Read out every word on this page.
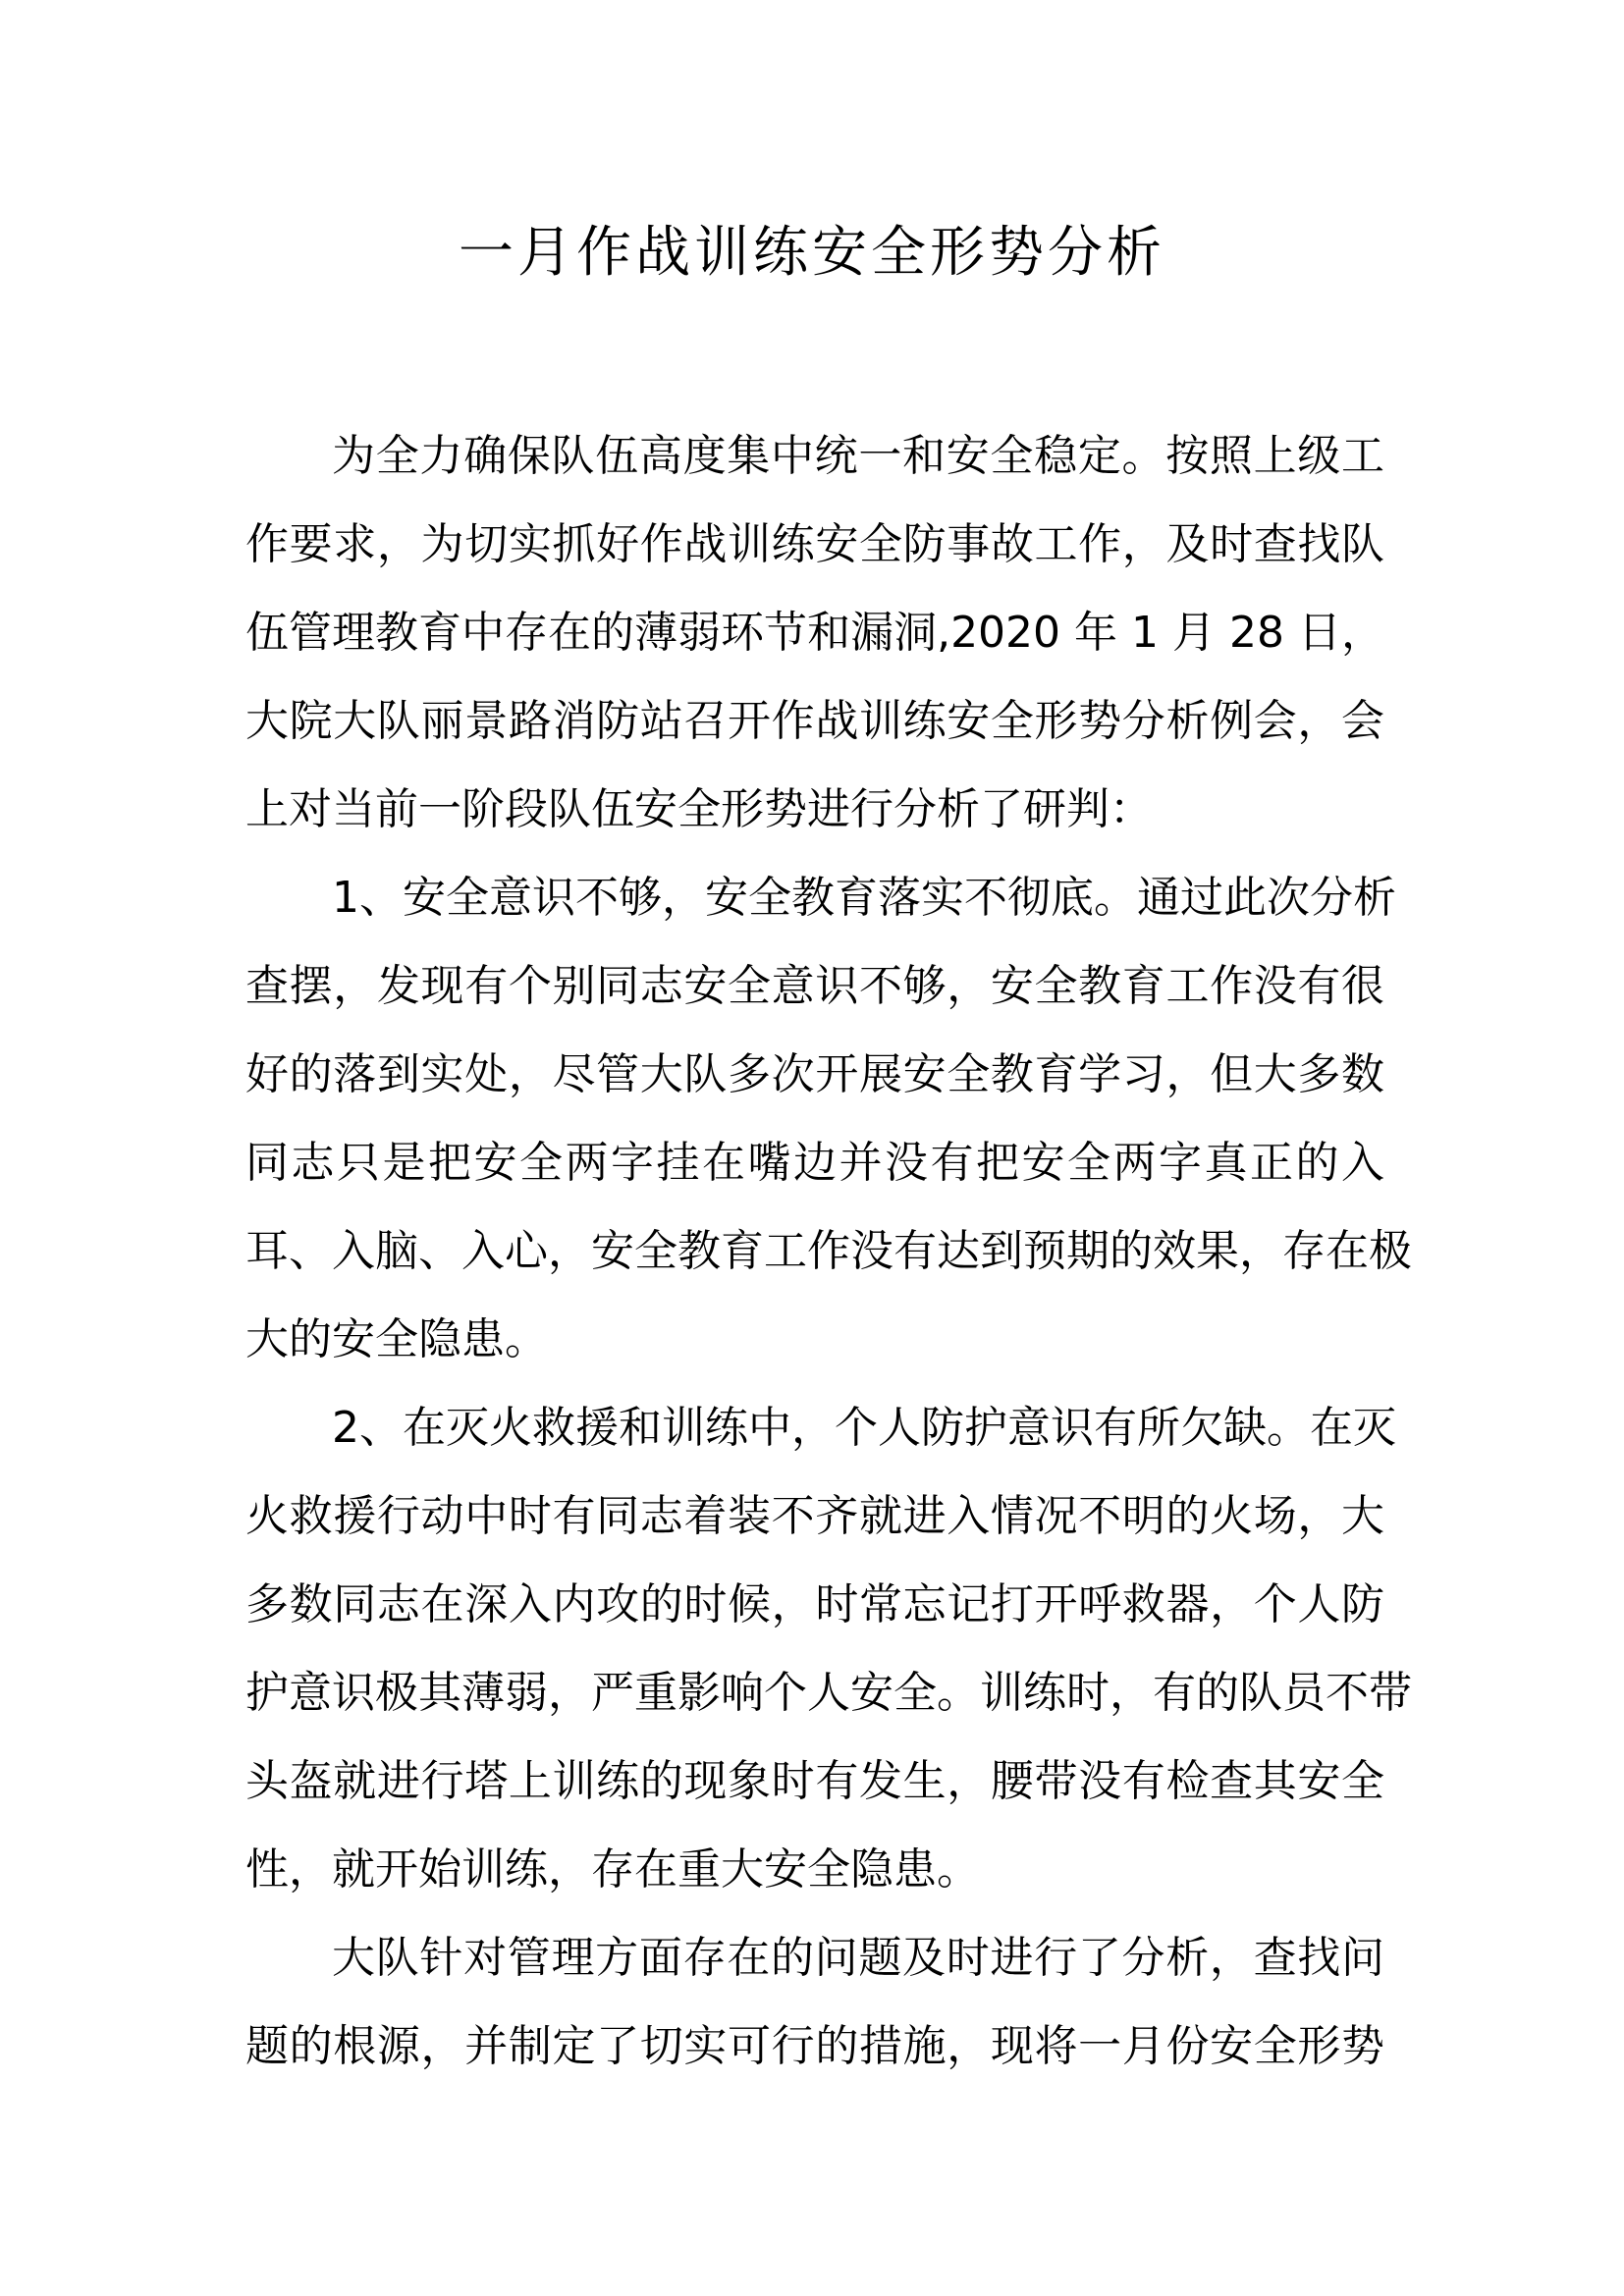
一月作战训练安全形势分析
为全力确保队伍高度集中统一和安全稳定。按照上级工
作要求，为切实抓好作战训练安全防事故工作，及时查找队
伍管理教育中存在的薄弱环节和漏洞,2020 年 1 月 28 日，
大院大队丽景路消防站召开作战训练安全形势分析例会，会
上对当前一阶段队伍安全形势进行分析了研判：
1、安全意识不够，安全教育落实不彻底。通过此次分析
查摆，发现有个别同志安全意识不够，安全教育工作没有很
好的落到实处，尽管大队多次开展安全教育学习，但大多数
同志只是把安全两字挂在嘴边并没有把安全两字真正的入
耳、入脑、入心，安全教育工作没有达到预期的效果，存在极
大的安全隐患。
2、在灭火救援和训练中，个人防护意识有所欠缺。在灭
火救援行动中时有同志着装不齐就进入情况不明的火场，大
多数同志在深入内攻的时候，时常忘记打开呼救器，个人防
护意识极其薄弱，严重影响个人安全。训练时，有的队员不带
头盔就进行塔上训练的现象时有发生，腰带没有检查其安全
性，就开始训练，存在重大安全隐患。
大队针对管理方面存在的问题及时进行了分析，查找问
题的根源，并制定了切实可行的措施，现将一月份安全形势
